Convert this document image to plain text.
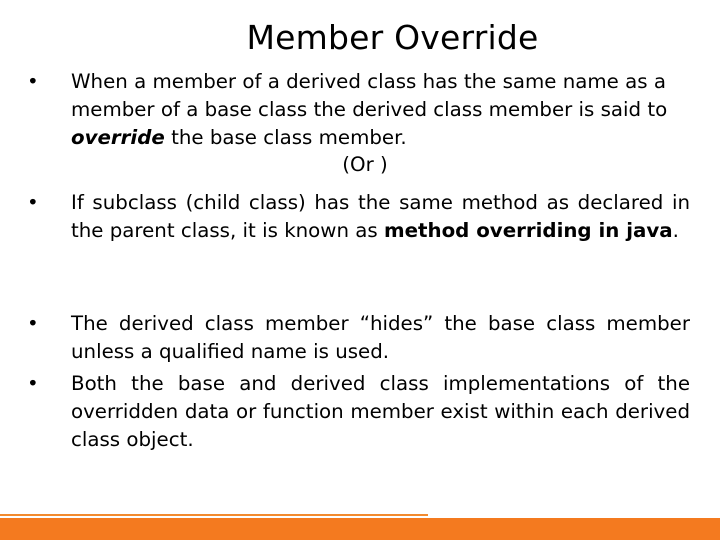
Member Override
•	When a member of a derived class has the same name as a member of a base class the derived class member is said to override the base class member.
(Or )
•	If subclass (child class) has the same method as declared in the parent class, it is known as method overriding in java.
•	The derived class member “hides” the base class member unless a qualified name is used.
•	Both the base and derived class implementations of the overridden data or function member exist within each derived class object.
